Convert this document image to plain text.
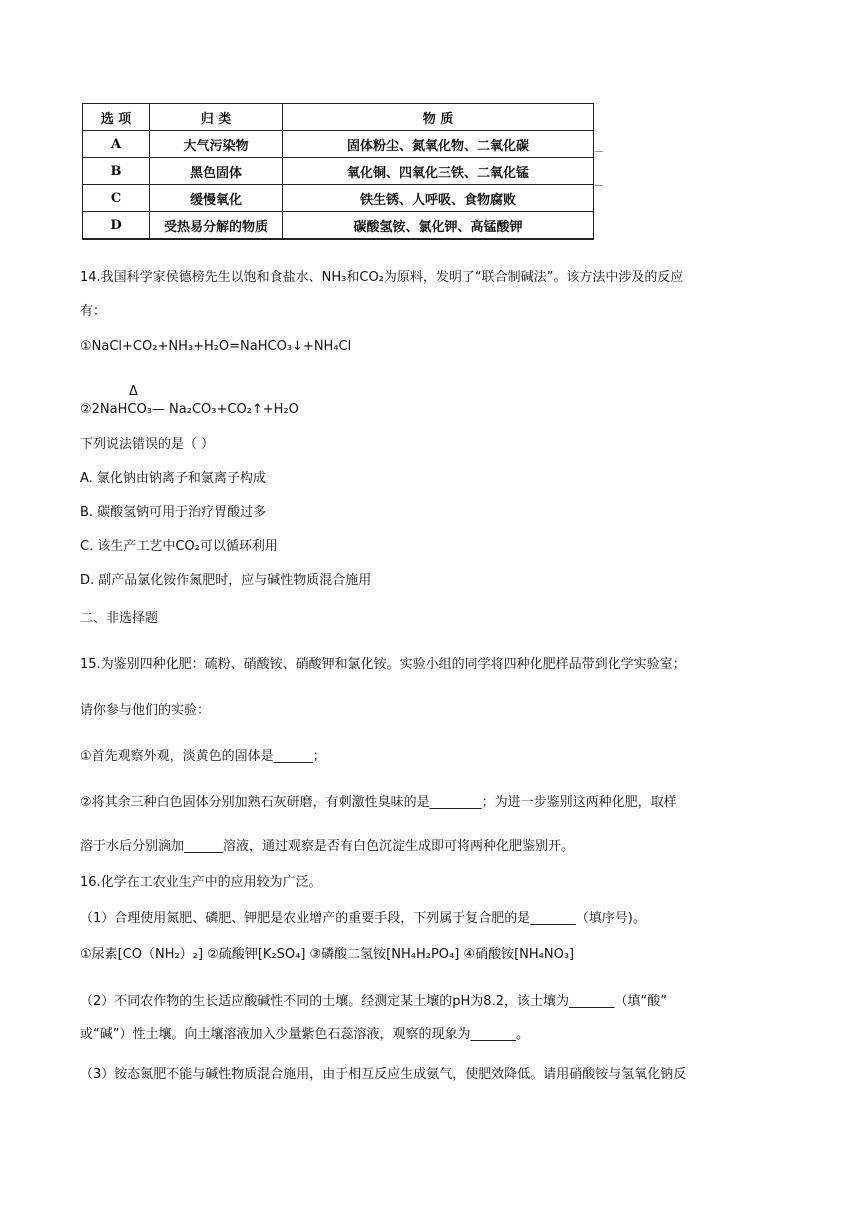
选 项	归 类	物 质
A	大气污染物	固体粉尘、氮氧化物、二氧化碳
B	黑色固体	氧化铜、四氧化三铁、二氧化锰
C	缓慢氧化	铁生锈、人呼吸、食物腐败
D	受热易分解的物质	碳酸氢铵、氯化钾、高锰酸钾
14.我国科学家侯德榜先生以饱和食盐水、NH₃和CO₂为原料，发明了“联合制碱法”。该方法中涉及的反应
有：
①NaCl+CO₂+NH₃+H₂O=NaHCO₃↓+NH₄Cl
Δ
②2NaHCO₃— Na₂CO₃+CO₂↑+H₂O
下列说法错误的是（ ）
A. 氯化钠由钠离子和氯离子构成
B. 碳酸氢钠可用于治疗胃酸过多
C. 该生产工艺中CO₂可以循环利用
D. 副产品氯化铵作氮肥时，应与碱性物质混合施用
二、非选择题
15.为鉴别四种化肥：硫粉、硝酸铵、硝酸钾和氯化铵。实验小组的同学将四种化肥样品带到化学实验室；
请你参与他们的实验：
①首先观察外观，淡黄色的固体是______；
②将其余三种白色固体分别加熟石灰研磨，有刺激性臭味的是________；为进一步鉴别这两种化肥，取样
溶于水后分别滴加______溶液，通过观察是否有白色沉淀生成即可将两种化肥鉴别开。
16.化学在工农业生产中的应用较为广泛。
（1）合理使用氮肥、磷肥、钾肥是农业增产的重要手段，下列属于复合肥的是_______（填序号)。
①尿素[CO（NH₂）₂] ②硫酸钾[K₂SO₄] ③磷酸二氢铵[NH₄H₂PO₄] ④硝酸铵[NH₄NO₃]
（2）不同农作物的生长适应酸碱性不同的土壤。经测定某土壤的pH为8.2，该土壤为_______（填“酸”
或“碱”）性土壤。向土壤溶液加入少量紫色石蕊溶液，观察的现象为_______。
（3）铵态氮肥不能与碱性物质混合施用，由于相互反应生成氨气，使肥效降低。请用硝酸铵与氢氧化钠反
